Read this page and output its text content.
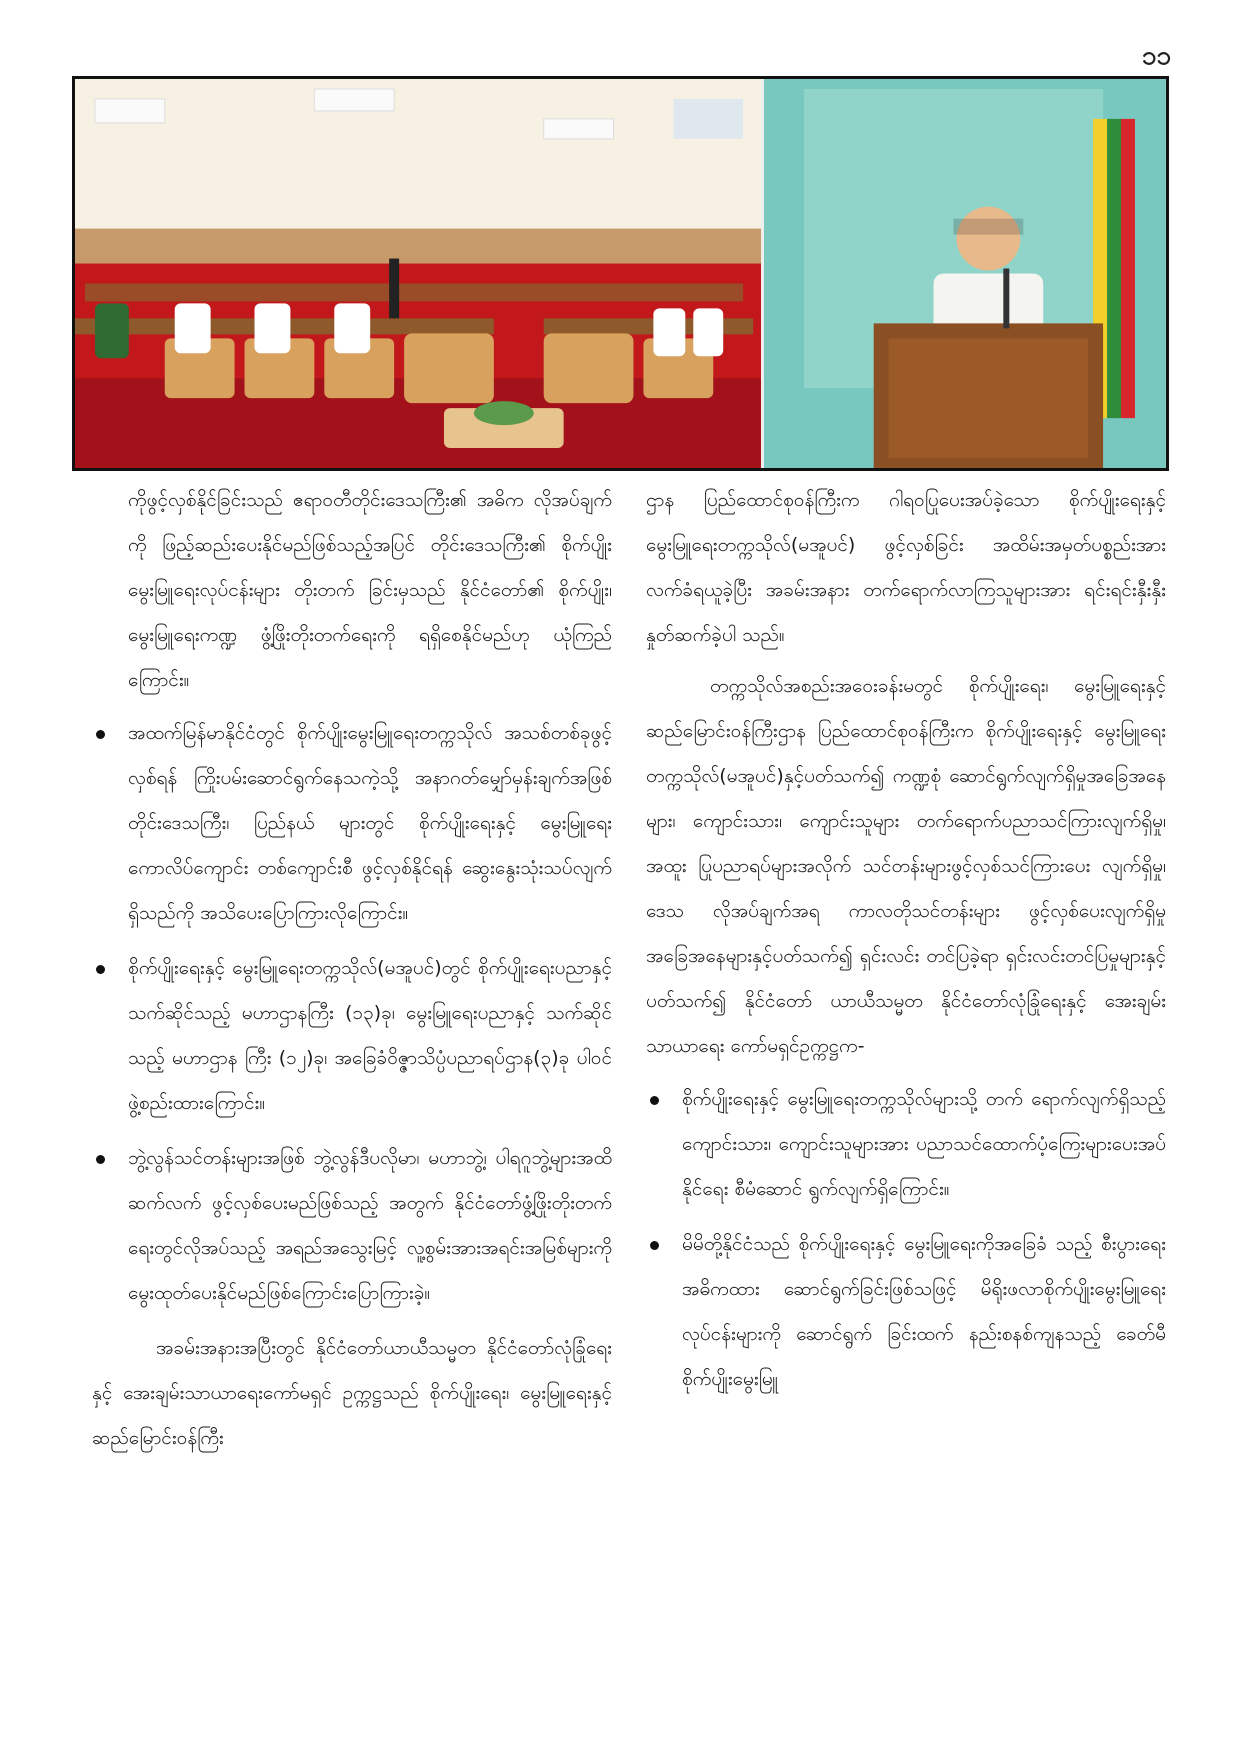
၁၁

ကိုဖွင့်လှစ်နိုင်ခြင်းသည် ဧရာဝတီတိုင်းဒေသကြီး၏ အဓိက လိုအပ်ချက်ကို ဖြည့်ဆည်းပေးနိုင်မည်ဖြစ်သည့်အပြင် တိုင်းဒေသကြီး၏ စိုက်ပျိုးမွေးမြူရေးလုပ်ငန်းများ တိုးတက် ခြင်းမှသည် နိုင်ငံတော်၏ စိုက်ပျိုး၊ မွေးမြူရေးကဏ္ဍ ဖွံ့ဖြိုးတိုးတက်ရေးကို ရရှိစေနိုင်မည်ဟု ယုံကြည်ကြောင်း။

အထက်မြန်မာနိုင်ငံတွင် စိုက်ပျိုးမွေးမြူရေးတက္ကသိုလ် အသစ်တစ်ခုဖွင့်လှစ်ရန် ကြိုးပမ်းဆောင်ရွက်နေသကဲ့သို့ အနာဂတ်မျှော်မှန်းချက်အဖြစ် တိုင်းဒေသကြီး၊ ပြည်နယ် များတွင် စိုက်ပျိုးရေးနှင့် မွေးမြူရေးကောလိပ်ကျောင်း တစ်ကျောင်းစီ ဖွင့်လှစ်နိုင်ရန် ဆွေးနွေးသုံးသပ်လျက် ရှိသည်ကို အသိပေးပြောကြားလိုကြောင်း။
စိုက်ပျိုးရေးနှင့် မွေးမြူရေးတက္ကသိုလ်(မအူပင်)တွင် စိုက်ပျိုးရေးပညာနှင့် သက်ဆိုင်သည့် မဟာဌာနကြီး (၁၃)ခု၊ မွေးမြူရေးပညာနှင့် သက်ဆိုင်သည့် မဟာဌာန ကြီး (၁၂)ခု၊ အခြေခံဝိဇ္ဇာသိပ္ပံပညာရပ်ဌာန(၃)ခု ပါဝင် ဖွဲ့စည်းထားကြောင်း။
ဘွဲ့လွန်သင်တန်းများအဖြစ် ဘွဲ့လွန်ဒီပလိုမာ၊ မဟာဘွဲ့၊ ပါရဂူဘွဲ့များအထိ ဆက်လက် ဖွင့်လှစ်ပေးမည်ဖြစ်သည့် အတွက် နိုင်ငံတော်ဖွံ့ဖြိုးတိုးတက်ရေးတွင်လိုအပ်သည့် အရည်အသွေးမြင့် လူ့စွမ်းအားအရင်းအမြစ်များကို မွေးထုတ်ပေးနိုင်မည်ဖြစ်ကြောင်းပြောကြားခဲ့။

အခမ်းအနားအပြီးတွင် နိုင်ငံတော်ယာယီသမ္မတ နိုင်ငံတော်လုံခြုံရေးနှင့် အေးချမ်းသာယာရေးကော်မရှင် ဥက္ကဋ္ဌသည် စိုက်ပျိုးရေး၊ မွေးမြူရေးနှင့် ဆည်မြောင်းဝန်ကြီး

ဌာန ပြည်ထောင်စုဝန်ကြီးက ဂါရဝပြုပေးအပ်ခဲ့သော စိုက်ပျိုးရေးနှင့် မွေးမြူရေးတက္ကသိုလ်(မအူပင်) ဖွင့်လှစ်ခြင်း အထိမ်းအမှတ်ပစ္စည်းအား လက်ခံရယူခဲ့ပြီး အခမ်းအနား တက်ရောက်လာကြသူများအား ရင်းရင်းနှီးနှီးနှုတ်ဆက်ခဲ့ပါ သည်။

တက္ကသိုလ်အစည်းအဝေးခန်းမတွင် စိုက်ပျိုးရေး၊ မွေးမြူရေးနှင့် ဆည်မြောင်းဝန်ကြီးဌာန ပြည်ထောင်စုဝန်ကြီးက စိုက်ပျိုးရေးနှင့် မွေးမြူရေးတက္ကသိုလ်(မအူပင်)နှင့်ပတ်သက်၍ ကဏ္ဍစုံ ဆောင်ရွက်လျက်ရှိမှုအခြေအနေများ၊ ကျောင်းသား၊ ကျောင်းသူများ တက်ရောက်ပညာသင်ကြားလျက်ရှိမှု၊ အထူး ပြုပညာရပ်များအလိုက် သင်တန်းများဖွင့်လှစ်သင်ကြားပေး လျက်ရှိမှု၊ ဒေသ လိုအပ်ချက်အရ ကာလတိုသင်တန်းများ ဖွင့်လှစ်ပေးလျက်ရှိမှု အခြေအနေများနှင့်ပတ်သက်၍ ရှင်းလင်း တင်ပြခဲ့ရာ ရှင်းလင်းတင်ပြမှုများနှင့်ပတ်သက်၍ နိုင်ငံတော် ယာယီသမ္မတ နိုင်ငံတော်လုံခြုံရေးနှင့် အေးချမ်းသာယာရေး ကော်မရှင်ဥက္ကဋ္ဌက-

စိုက်ပျိုးရေးနှင့် မွေးမြူရေးတက္ကသိုလ်များသို့ တက် ရောက်လျက်ရှိသည့် ကျောင်းသား၊ ကျောင်းသူများအား ပညာသင်ထောက်ပံ့ကြေးများပေးအပ်နိုင်ရေး စီမံဆောင် ရွက်လျက်ရှိကြောင်း။
မိမိတို့နိုင်ငံသည် စိုက်ပျိုးရေးနှင့် မွေးမြူရေးကိုအခြေခံ သည့် စီးပွားရေးအဓိကထား ဆောင်ရွက်ခြင်းဖြစ်သဖြင့် မိရိုးဖလာစိုက်ပျိုးမွေးမြူရေးလုပ်ငန်းများကို ဆောင်ရွက် ခြင်းထက် နည်းစနစ်ကျနသည့် ခေတ်မီစိုက်ပျိုးမွေးမြူ
